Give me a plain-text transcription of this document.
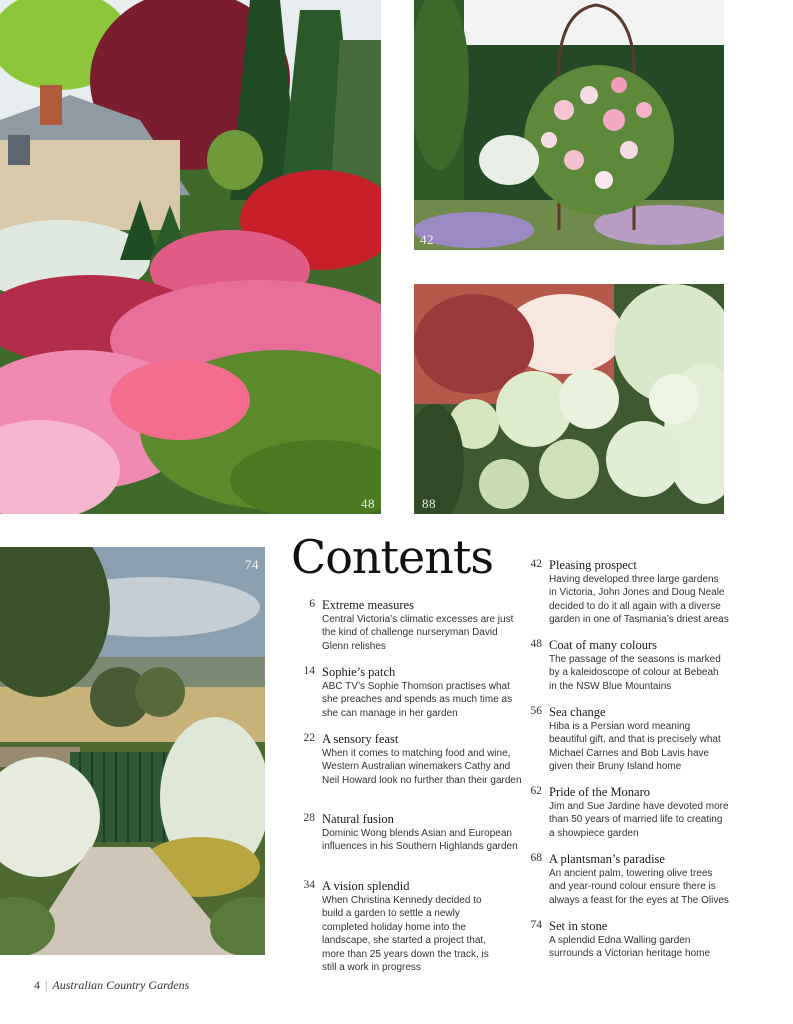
48
42
88
74 Contents
6 Extreme measures
Central Victoria’s climatic excesses are just the kind of challenge nurseryman David Glenn relishes
14 Sophie’s patch
ABC TV’s Sophie Thomson practises what she preaches and spends as much time as she can manage in her garden
22 A sensory feast
When it comes to matching food and wine, Western Australian winemakers Cathy and Neil Howard look no further than their garden
28 Natural fusion
Dominic Wong blends Asian and European influences in his Southern Highlands garden
34 A vision splendid
When Christina Kennedy decided to build a garden to settle a newly completed holiday home into the landscape, she started a project that, more than 25 years down the track, is still a work in progress
42 Pleasing prospect
Having developed three large gardens in Victoria, John Jones and Doug Neale decided to do it all again with a diverse garden in one of Tasmania’s driest areas
48 Coat of many colours
The passage of the seasons is marked by a kaleidoscope of colour at Bebeah in the NSW Blue Mountains
56 Sea change
Hiba is a Persian word meaning beautiful gift, and that is precisely what Michael Carnes and Bob Lavis have given their Bruny Island home
62 Pride of the Monaro
Jim and Sue Jardine have devoted more than 50 years of married life to creating a showpiece garden
68 A plantsman’s paradise
An ancient palm, towering olive trees and year-round colour ensure there is always a feast for the eyes at The Olives
74 Set in stone
A splendid Edna Walling garden surrounds a Victorian heritage home
4 | Australian Country Gardens
